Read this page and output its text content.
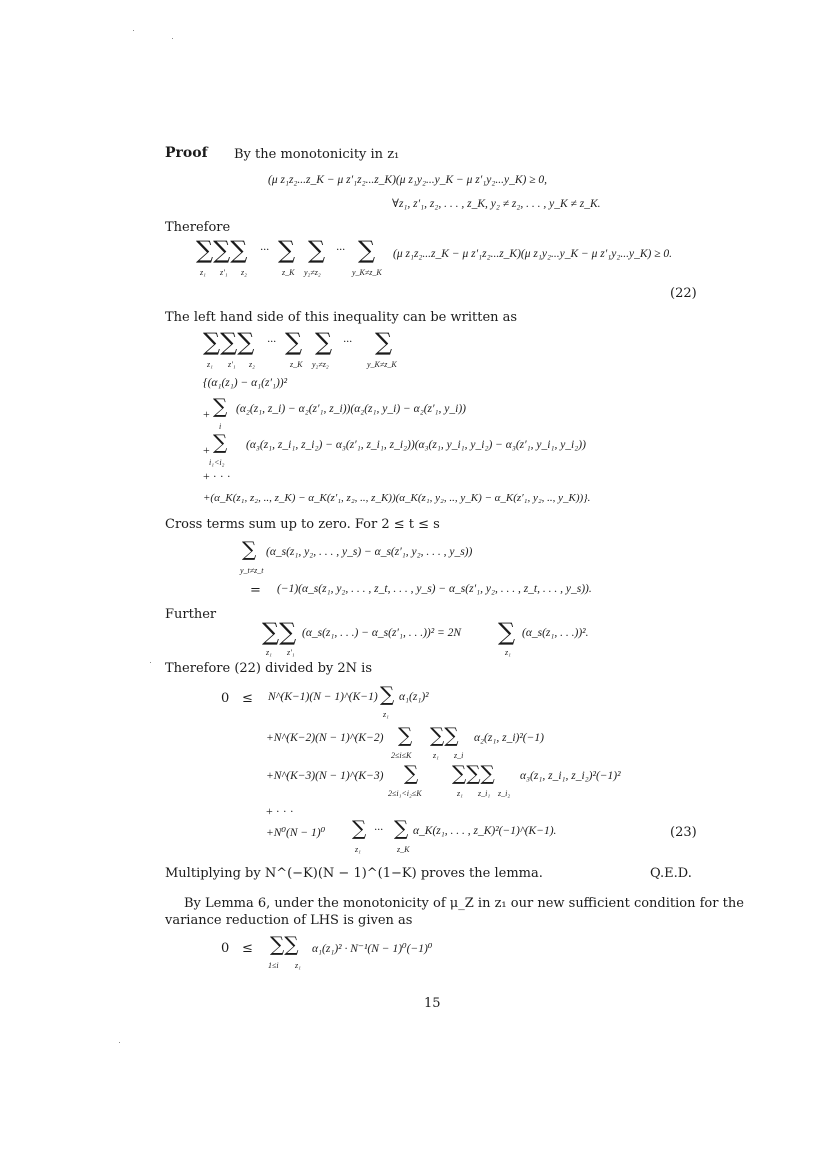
Proof By the monotonicity in z₁
(μ z₁z₂...z_K − μ z′₁z₂...z_K)(μ z₁y₂...y_K − μ z′₁y₂...y_K) ≥ 0,
∀z₁, z′₁, z₂, . . . , z_K, y₂ ≠ z₂, . . . , y_K ≠ z_K.
Therefore
∑∑∑ ··· ∑ ∑ ··· ∑
z₁ z′₁ z₂	z_K y₂≠z₂	y_K≠z_K
(μ z₁z₂...z_K − μ z′₁z₂...z_K)(μ z₁y₂...y_K − μ z′₁y₂...y_K) ≥ 0.
(22)
The left hand side of this inequality can be written as
∑∑∑ ··· ∑ ∑ ··· ∑
z₁ z′₁ z₂	z_K y₂≠z₂	y_K≠z_K
{(α₁(z₁) − α₁(z′₁))²
+ ∑
i
(α₂(z₁, z_i) − α₂(z′₁, z_i))(α₂(z₁, y_i) − α₂(z′₁, y_i))
+ ∑
i₁<i₂
(α₃(z₁, z_i₁, z_i₂) − α₃(z′₁, z_i₁, z_i₂))(α₃(z₁, y_i₁, y_i₂) − α₃(z′₁, y_i₁, y_i₂))
+ · · ·
+(α_K(z₁, z₂, .., z_K) − α_K(z′₁, z₂, .., z_K))(α_K(z₁, y₂, .., y_K) − α_K(z′₁, y₂, .., y_K))}.
Cross terms sum up to zero. For 2 ≤ t ≤ s
∑
y_t≠z_t
(α_s(z₁, y₂, . . . , y_s) − α_s(z′₁, y₂, . . . , y_s))
= (−1)(α_s(z₁, y₂, . . . , z_t, . . . , y_s) − α_s(z′₁, y₂, . . . , z_t, . . . , y_s)).
Further
∑∑
z₁ z′₁
(α_s(z₁, . . .) − α_s(z′₁, . . .))² = 2N ∑
z₁
(α_s(z₁, . . .))².
Therefore (22) divided by 2N is
0 ≤ N^(K−1)(N − 1)^(K−1) ∑
z₁
α₁(z₁)²
+N^(K−2)(N − 1)^(K−2) ∑
2≤i≤K
∑∑
z₁ z_i
α₂(z₁, z_i)²(−1)
+N^(K−3)(N − 1)^(K−3) ∑
2≤i₁<i₂≤K
∑∑∑
z₁ z_i₁ z_i₂
α₃(z₁, z_i₁, z_i₂)²(−1)²
+ · · ·
+N⁰(N − 1)⁰ ∑
z₁
··· ∑
z_K
α_K(z₁, . . . , z_K)²(−1)^(K−1).	(23)
Multiplying by N^(−K)(N − 1)^(1−K) proves the lemma.	Q.E.D.
By Lemma 6, under the monotonicity of μ_Z in z₁ our new sufficient condition for the
variance reduction of LHS is given as
0 ≤ ∑∑
1≤i z₁
α₁(z₁)² · N⁻¹(N − 1)⁰(−1)⁰
15
